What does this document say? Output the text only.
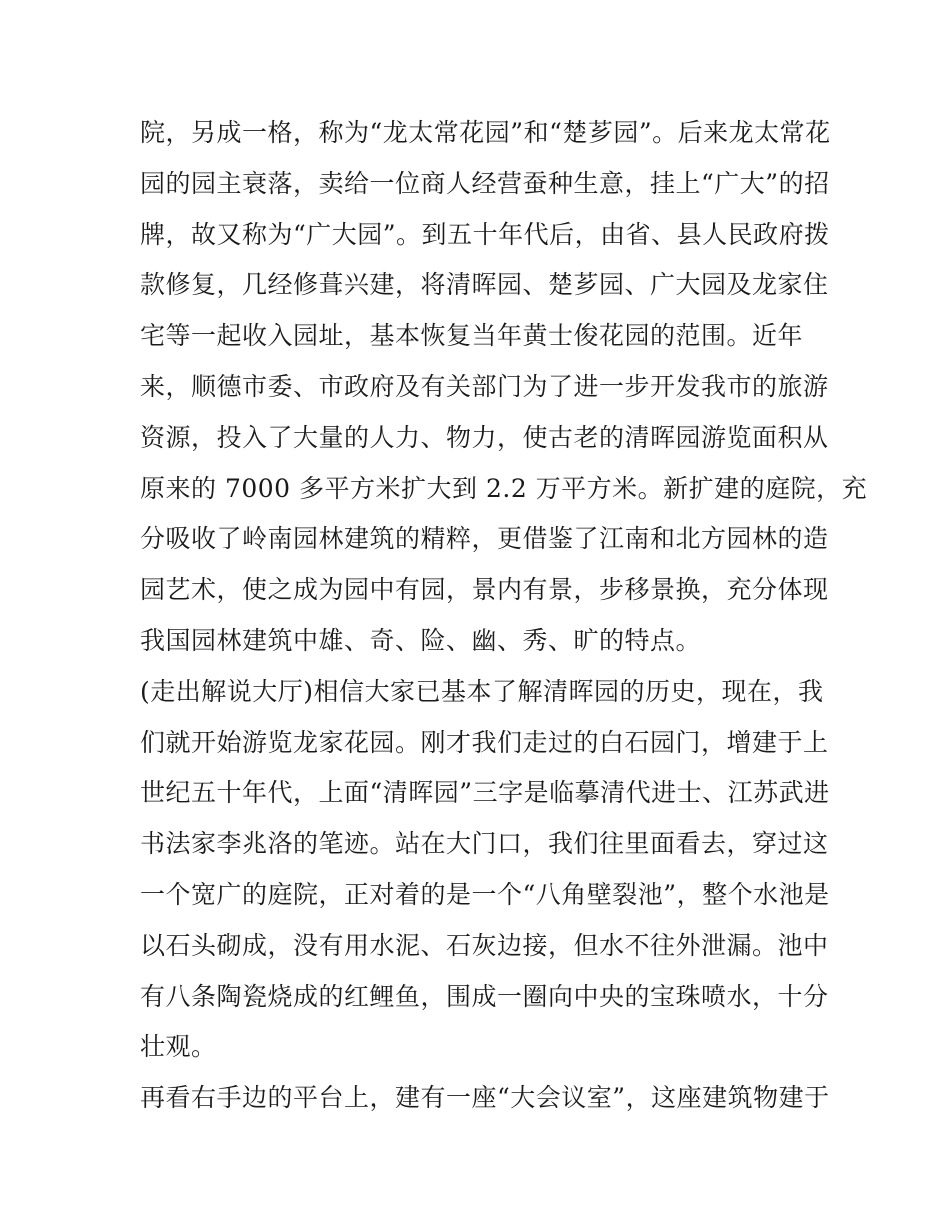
院，另成一格，称为“龙太常花园”和“楚芗园”。后来龙太常花
园的园主衰落，卖给一位商人经营蚕种生意，挂上“广大”的招
牌，故又称为“广大园”。到五十年代后，由省、县人民政府拨
款修复，几经修葺兴建，将清晖园、楚芗园、广大园及龙家住
宅等一起收入园址，基本恢复当年黄士俊花园的范围。近年
来，顺德市委、市政府及有关部门为了进一步开发我市的旅游
资源，投入了大量的人力、物力，使古老的清晖园游览面积从
原来的 7000 多平方米扩大到 2.2 万平方米。新扩建的庭院，充
分吸收了岭南园林建筑的精粹，更借鉴了江南和北方园林的造
园艺术，使之成为园中有园，景内有景，步移景换，充分体现
我国园林建筑中雄、奇、险、幽、秀、旷的特点。
(走出解说大厅)相信大家已基本了解清晖园的历史，现在，我
们就开始游览龙家花园。刚才我们走过的白石园门，增建于上
世纪五十年代，上面“清晖园”三字是临摹清代进士、江苏武进
书法家李兆洛的笔迹。站在大门口，我们往里面看去，穿过这
一个宽广的庭院，正对着的是一个“八角壁裂池”，整个水池是
以石头砌成，没有用水泥、石灰边接，但水不往外泄漏。池中
有八条陶瓷烧成的红鲤鱼，围成一圈向中央的宝珠喷水，十分
壮观。
再看右手边的平台上，建有一座“大会议室”，这座建筑物建于
